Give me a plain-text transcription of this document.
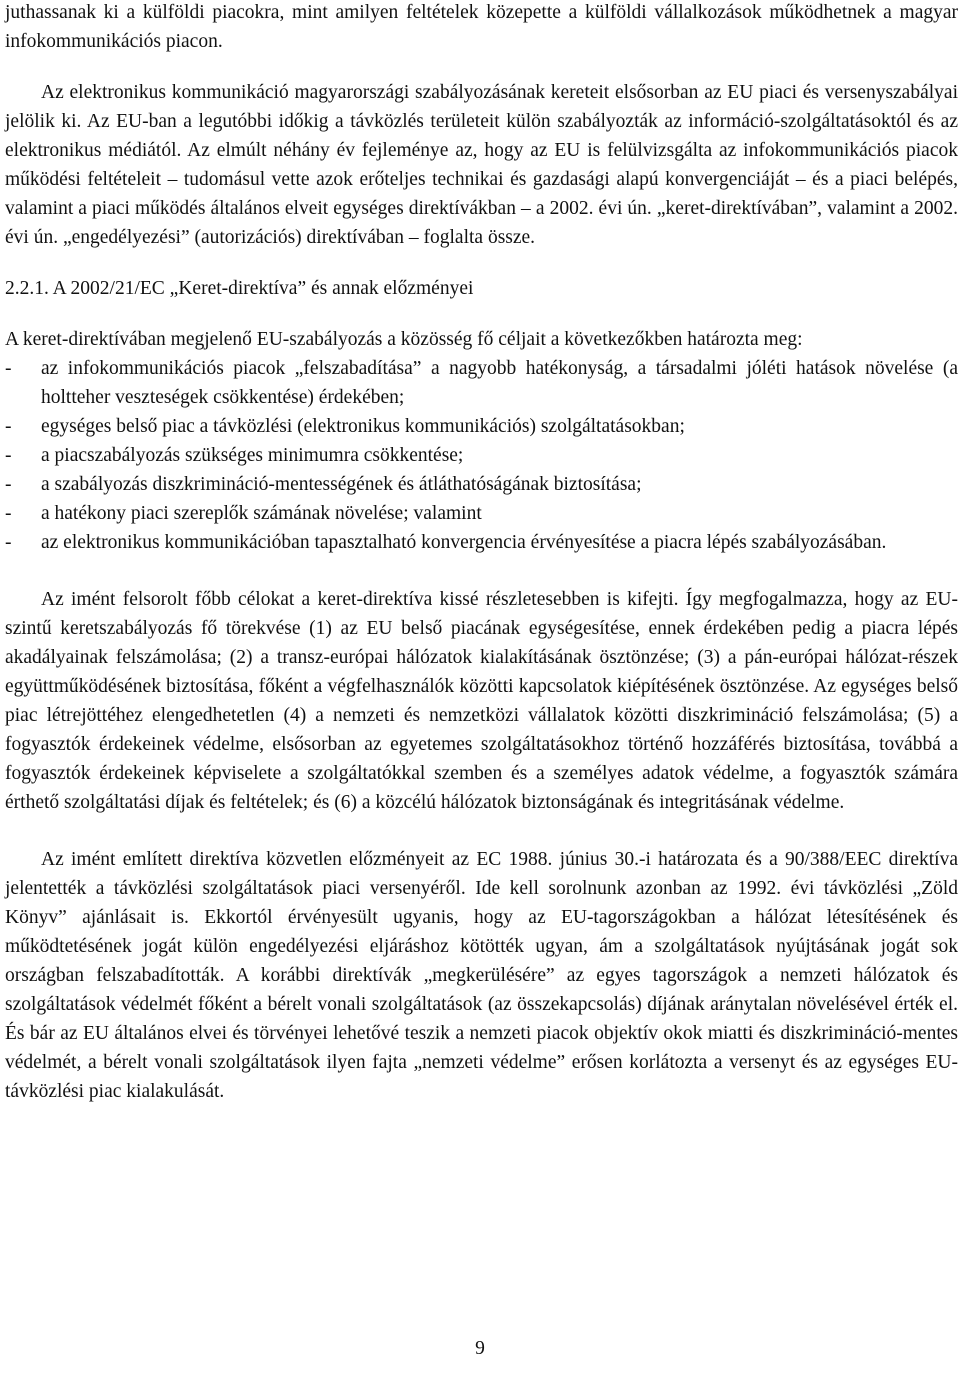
juthassanak ki a külföldi piacokra, mint amilyen feltételek közepette a külföldi vállalkozások működhetnek a magyar infokommunikációs piacon.

Az elektronikus kommunikáció magyarországi szabályozásának kereteit elsősorban az EU piaci és versenyszabályai jelölik ki. Az EU-ban a legutóbbi időkig a távközlés területeit külön szabályozták az információ-szolgáltatásoktól és az elektronikus médiától. Az elmúlt néhány év fejleménye az, hogy az EU is felülvizsgálta az infokommunikációs piacok működési feltételeit – tudomásul vette azok erőteljes technikai és gazdasági alapú konvergenciáját – és a piaci belépés, valamint a piaci működés általános elveit egységes direktívákban – a 2002. évi ún. „keret-direktívában”, valamint a 2002. évi ún. „engedélyezési” (autorizációs) direktívában – foglalta össze.

2.2.1. A 2002/21/EC „Keret-direktíva” és annak előzményei

A keret-direktívában megjelenő EU-szabályozás a közösség fő céljait a következőkben határozta meg:

- az infokommunikációs piacok „felszabadítása” a nagyobb hatékonyság, a társadalmi jóléti hatások növelése (a holtteher veszteségek csökkentése) érdekében;
- egységes belső piac a távközlési (elektronikus kommunikációs) szolgáltatásokban;
- a piacszabályozás szükséges minimumra csökkentése;
- a szabályozás diszkrimináció-mentességének és átláthatóságának biztosítása;
- a hatékony piaci szereplők számának növelése; valamint
- az elektronikus kommunikációban tapasztalható konvergencia érvényesítése a piacra lépés szabályozásában.

Az imént felsorolt főbb célokat a keret-direktíva kissé részletesebben is kifejti. Így megfogalmazza, hogy az EU-szintű keretszabályozás fő törekvése (1) az EU belső piacának egységesítése, ennek érdekében pedig a piacra lépés akadályainak felszámolása; (2) a transz-európai hálózatok kialakításának ösztönzése; (3) a pán-európai hálózat-részek együttműködésének biztosítása, főként a végfelhasználók közötti kapcsolatok kiépítésének ösztönzése. Az egységes belső piac létrejöttéhez elengedhetetlen (4) a nemzeti és nemzetközi vállalatok közötti diszkrimináció felszámolása; (5) a fogyasztók érdekeinek védelme, elsősorban az egyetemes szolgáltatásokhoz történő hozzáférés biztosítása, továbbá a fogyasztók érdekeinek képviselete a szolgáltatókkal szemben és a személyes adatok védelme, a fogyasztók számára érthető szolgáltatási díjak és feltételek; és (6) a közcélú hálózatok biztonságának és integritásának védelme.

Az imént említett direktíva közvetlen előzményeit az EC 1988. június 30.-i határozata és a 90/388/EEC direktíva jelentették a távközlési szolgáltatások piaci versenyéről. Ide kell sorolnunk azonban az 1992. évi távközlési „Zöld Könyv” ajánlásait is. Ekkortól érvényesült ugyanis, hogy az EU-tagországokban a hálózat létesítésének és működtetésének jogát külön engedélyezési eljáráshoz kötötték ugyan, ám a szolgáltatások nyújtásának jogát sok országban felszabadították. A korábbi direktívák „megkerülésére” az egyes tagországok a nemzeti hálózatok és szolgáltatások védelmét főként a bérelt vonali szolgáltatások (az összekapcsolás) díjának aránytalan növelésével érték el. És bár az EU általános elvei és törvényei lehetővé teszik a nemzeti piacok objektív okok miatti és diszkrimináció-mentes védelmét, a bérelt vonali szolgáltatások ilyen fajta „nemzeti védelme” erősen korlátozta a versenyt és az egységes EU-távközlési piac kialakulását.

9
